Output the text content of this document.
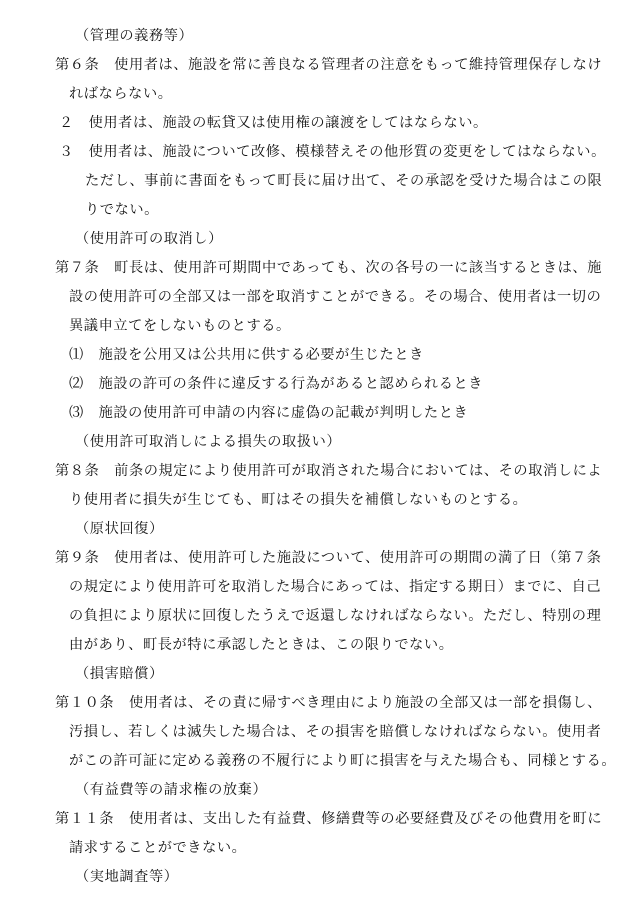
（管理の義務等）
第６条　使用者は、施設を常に善良なる管理者の注意をもって維持管理保存しなけ
ればならない。
２　使用者は、施設の転貸又は使用権の譲渡をしてはならない。
３　使用者は、施設について改修、模様替えその他形質の変更をしてはならない。
ただし、事前に書面をもって町長に届け出て、その承認を受けた場合はこの限
りでない。
（使用許可の取消し）
第７条　町長は、使用許可期間中であっても、次の各号の一に該当するときは、施
設の使用許可の全部又は一部を取消すことができる。その場合、使用者は一切の
異議申立てをしないものとする。
⑴　施設を公用又は公共用に供する必要が生じたとき
⑵　施設の許可の条件に違反する行為があると認められるとき
⑶　施設の使用許可申請の内容に虚偽の記載が判明したとき
（使用許可取消しによる損失の取扱い）
第８条　前条の規定により使用許可が取消された場合においては、その取消しによ
り使用者に損失が生じても、町はその損失を補償しないものとする。
（原状回復）
第９条　使用者は、使用許可した施設について、使用許可の期間の満了日（第７条
の規定により使用許可を取消した場合にあっては、指定する期日）までに、自己
の負担により原状に回復したうえで返還しなければならない。ただし、特別の理
由があり、町長が特に承認したときは、この限りでない。
（損害賠償）
第１０条　使用者は、その責に帰すべき理由により施設の全部又は一部を損傷し、
汚損し、若しくは滅失した場合は、その損害を賠償しなければならない。使用者
がこの許可証に定める義務の不履行により町に損害を与えた場合も、同様とする。
（有益費等の請求権の放棄）
第１１条　使用者は、支出した有益費、修繕費等の必要経費及びその他費用を町に
請求することができない。
（実地調査等）
